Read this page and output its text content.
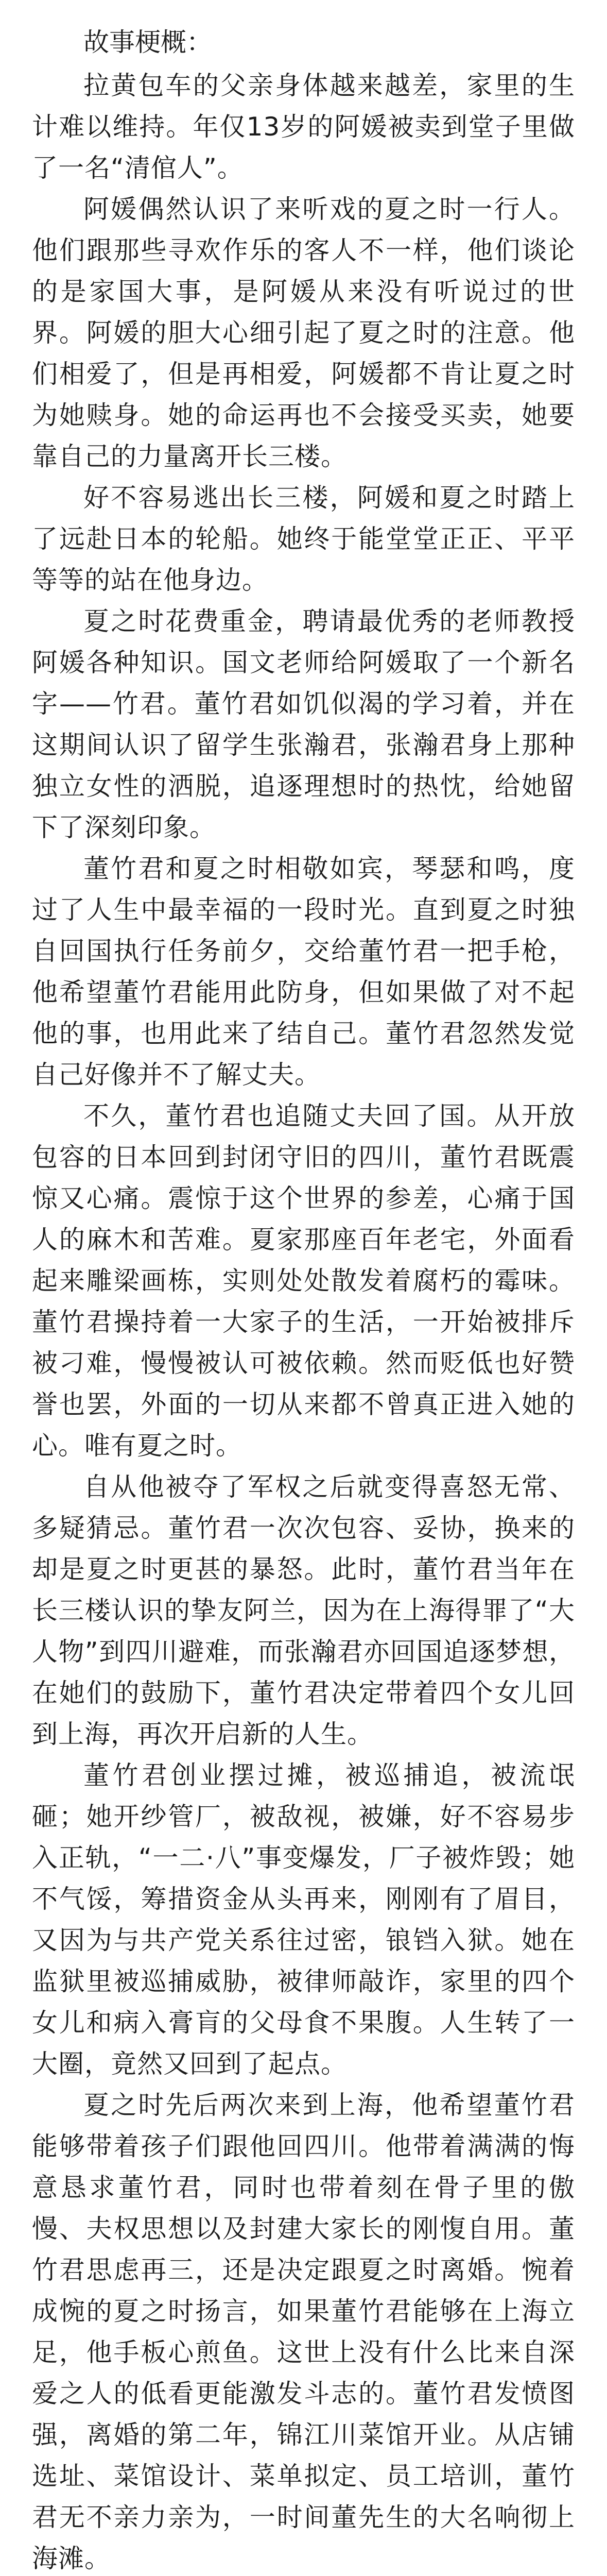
故事梗概：

拉黄包车的父亲身体越来越差，家里的生计难以维持。年仅13岁的阿媛被卖到堂子里做了一名“清倌人”。

阿媛偶然认识了来听戏的夏之时一行人。他们跟那些寻欢作乐的客人不一样，他们谈论的是家国大事，是阿媛从来没有听说过的世界。阿媛的胆大心细引起了夏之时的注意。他们相爱了，但是再相爱，阿媛都不肯让夏之时为她赎身。她的命运再也不会接受买卖，她要靠自己的力量离开长三楼。

好不容易逃出长三楼，阿媛和夏之时踏上了远赴日本的轮船。她终于能堂堂正正、平平等等的站在他身边。

夏之时花费重金，聘请最优秀的老师教授阿媛各种知识。国文老师给阿媛取了一个新名字——竹君。董竹君如饥似渴的学习着，并在这期间认识了留学生张瀚君，张瀚君身上那种独立女性的洒脱，追逐理想时的热忱，给她留下了深刻印象。

董竹君和夏之时相敬如宾，琴瑟和鸣，度过了人生中最幸福的一段时光。直到夏之时独自回国执行任务前夕，交给董竹君一把手枪，他希望董竹君能用此防身，但如果做了对不起他的事，也用此来了结自己。董竹君忽然发觉自己好像并不了解丈夫。

不久，董竹君也追随丈夫回了国。从开放包容的日本回到封闭守旧的四川，董竹君既震惊又心痛。震惊于这个世界的参差，心痛于国人的麻木和苦难。夏家那座百年老宅，外面看起来雕梁画栋，实则处处散发着腐朽的霉味。董竹君操持着一大家子的生活，一开始被排斥被刁难，慢慢被认可被依赖。然而贬低也好赞誉也罢，外面的一切从来都不曾真正进入她的心。唯有夏之时。

自从他被夺了军权之后就变得喜怒无常、多疑猜忌。董竹君一次次包容、妥协，换来的却是夏之时更甚的暴怒。此时，董竹君当年在长三楼认识的挚友阿兰，因为在上海得罪了“大人物”到四川避难，而张瀚君亦回国追逐梦想，在她们的鼓励下，董竹君决定带着四个女儿回到上海，再次开启新的人生。

董竹君创业摆过摊，被巡捕追，被流氓砸；她开纱管厂，被敌视，被嫌，好不容易步入正轨，“一二·八”事变爆发，厂子被炸毁；她不气馁，筹措资金从头再来，刚刚有了眉目，又因为与共产党关系往过密，锒铛入狱。她在监狱里被巡捕威胁，被律师敲诈，家里的四个女儿和病入膏肓的父母食不果腹。人生转了一大圈，竟然又回到了起点。

夏之时先后两次来到上海，他希望董竹君能够带着孩子们跟他回四川。他带着满满的悔意恳求董竹君，同时也带着刻在骨子里的傲慢、夫权思想以及封建大家长的刚愎自用。董竹君思虑再三，还是决定跟夏之时离婚。惋着成惋的夏之时扬言，如果董竹君能够在上海立足，他手板心煎鱼。这世上没有什么比来自深爱之人的低看更能激发斗志的。董竹君发愤图强，离婚的第二年，锦江川菜馆开业。从店铺选址、菜馆设计、菜单拟定、员工培训，董竹君无不亲力亲为，一时间董先生的大名响彻上海滩。
